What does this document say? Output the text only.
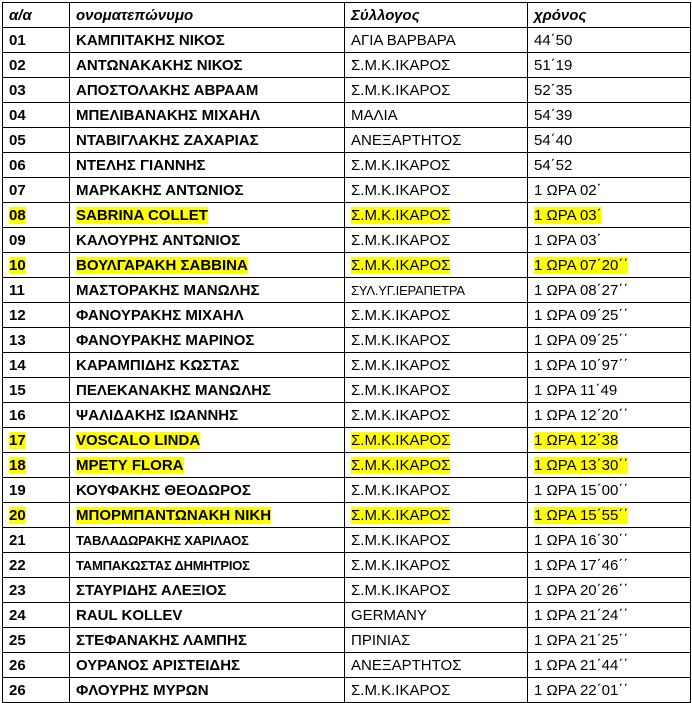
α/α	ονοματεπώνυμο	Σύλλογος	χρόνος
01	ΚΑΜΠΙΤΑΚΗΣ ΝΙΚΟΣ	ΑΓΙΑ ΒΑΡΒΑΡΑ	44΄50
02	ΑΝΤΩΝΑΚΑΚΗΣ ΝΙΚΟΣ	Σ.Μ.Κ.ΙΚΑΡΟΣ	51΄19
03	ΑΠΟΣΤΟΛΑΚΗΣ ΑΒΡΑΑΜ	Σ.Μ.Κ.ΙΚΑΡΟΣ	52΄35
04	ΜΠΕΛΙΒΑΝΑΚΗΣ ΜΙΧΑΗΛ	ΜΑΛΙΑ	54΄39
05	ΝΤΑΒΙΓΛΑΚΗΣ ΖΑΧΑΡΙΑΣ	ΑΝΕΞΑΡΤΗΤΟΣ	54΄40
06	ΝΤΕΛΗΣ ΓΙΑΝΝΗΣ	Σ.Μ.Κ.ΙΚΑΡΟΣ	54΄52
07	ΜΑΡΚΑΚΗΣ ΑΝΤΩΝΙΟΣ	Σ.Μ.Κ.ΙΚΑΡΟΣ	1 ΩΡΑ 02΄
08	SABRINA COLLET	Σ.Μ.Κ.ΙΚΑΡΟΣ	1 ΩΡΑ 03΄
09	ΚΑΛΟΥΡΗΣ ΑΝΤΩΝΙΟΣ	Σ.Μ.Κ.ΙΚΑΡΟΣ	1 ΩΡΑ 03΄
10	ΒΟΥΛΓΑΡΑΚΗ ΣΑΒΒΙΝΑ	Σ.Μ.Κ.ΙΚΑΡΟΣ	1 ΩΡΑ 07΄20΄΄
11	ΜΑΣΤΟΡΑΚΗΣ ΜΑΝΩΛΗΣ	ΣΥΛ.ΥΓ.ΙΕΡΑΠΕΤΡΑ	1 ΩΡΑ 08΄27΄΄
12	ΦΑΝΟΥΡΑΚΗΣ ΜΙΧΑΗΛ	Σ.Μ.Κ.ΙΚΑΡΟΣ	1 ΩΡΑ 09΄25΄΄
13	ΦΑΝΟΥΡΑΚΗΣ ΜΑΡΙΝΟΣ	Σ.Μ.Κ.ΙΚΑΡΟΣ	1 ΩΡΑ 09΄25΄΄
14	ΚΑΡΑΜΠΙΔΗΣ ΚΩΣΤΑΣ	Σ.Μ.Κ.ΙΚΑΡΟΣ	1 ΩΡΑ 10΄97΄΄
15	ΠΕΛΕΚΑΝΑΚΗΣ ΜΑΝΩΛΗΣ	Σ.Μ.Κ.ΙΚΑΡΟΣ	1 ΩΡΑ 11΄49
16	ΨΑΛΙΔΑΚΗΣ ΙΩΑΝΝΗΣ	Σ.Μ.Κ.ΙΚΑΡΟΣ	1 ΩΡΑ 12΄20΄΄
17	VOSCALO LINDA	Σ.Μ.Κ.ΙΚΑΡΟΣ	1 ΩΡΑ 12΄38
18	ΜΡΕΤΥ FLORA	Σ.Μ.Κ.ΙΚΑΡΟΣ	1 ΩΡΑ 13΄30΄΄
19	ΚΟΥΦΑΚΗΣ ΘΕΟΔΩΡΟΣ	Σ.Μ.Κ.ΙΚΑΡΟΣ	1 ΩΡΑ 15΄00΄΄
20	ΜΠΟΡΜΠΑΝΤΩΝΑΚΗ ΝΙΚΗ	Σ.Μ.Κ.ΙΚΑΡΟΣ	1 ΩΡΑ 15΄55΄΄
21	ΤΑΒΛΑΔΩΡΑΚΗΣ ΧΑΡΙΛΑΟΣ	Σ.Μ.Κ.ΙΚΑΡΟΣ	1 ΩΡΑ 16΄30΄΄
22	ΤΑΜΠΑΚΩΣΤΑΣ ΔΗΜΗΤΡΙΟΣ	Σ.Μ.Κ.ΙΚΑΡΟΣ	1 ΩΡΑ 17΄46΄΄
23	ΣΤΑΥΡΙΔΗΣ ΑΛΕΞΙΟΣ	Σ.Μ.Κ.ΙΚΑΡΟΣ	1 ΩΡΑ 20΄26΄΄
24	RAUL KOLLEV	GERMANY	1 ΩΡΑ 21΄24΄΄
25	ΣΤΕΦΑΝΑΚΗΣ ΛΑΜΠΗΣ	ΠΡΙΝΙΑΣ	1 ΩΡΑ 21΄25΄΄
26	ΟΥΡΑΝΟΣ ΑΡΙΣΤΕΙΔΗΣ	ΑΝΕΞΑΡΤΗΤΟΣ	1 ΩΡΑ 21΄44΄΄
26	ΦΛΟΥΡΗΣ ΜΥΡΩΝ	Σ.Μ.Κ.ΙΚΑΡΟΣ	1 ΩΡΑ 22΄01΄΄
